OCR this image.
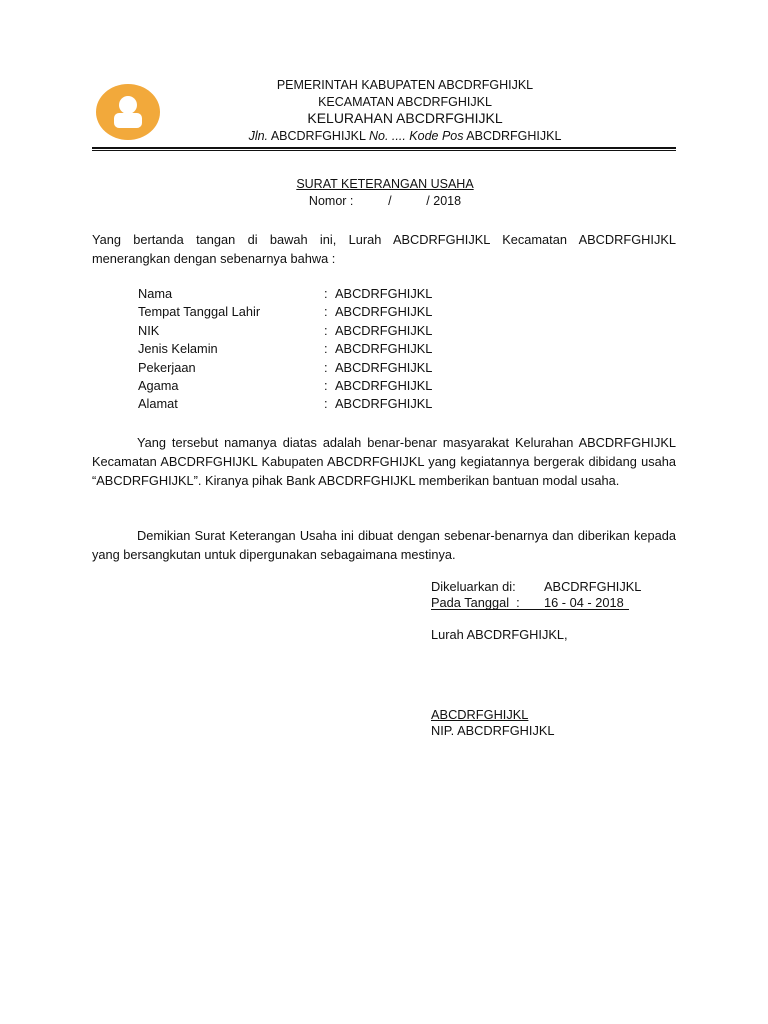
PEMERINTAH KABUPATEN ABCDRFGHIJKL
KECAMATAN ABCDRFGHIJKL
KELURAHAN ABCDRFGHIJKL
Jln. ABCDRFGHIJKL No. .... Kode Pos ABCDRFGHIJKL
SURAT KETERANGAN USAHA
Nomor :          /          / 2018
Yang bertanda tangan di bawah ini, Lurah ABCDRFGHIJKL Kecamatan ABCDRFGHIJKL menerangkan dengan sebenarnya bahwa :
Nama	: ABCDRFGHIJKL
Tempat Tanggal Lahir	: ABCDRFGHIJKL
NIK	: ABCDRFGHIJKL
Jenis Kelamin	: ABCDRFGHIJKL
Pekerjaan	: ABCDRFGHIJKL
Agama	: ABCDRFGHIJKL
Alamat	: ABCDRFGHIJKL
Yang tersebut namanya diatas adalah benar-benar masyarakat Kelurahan ABCDRFGHIJKL Kecamatan ABCDRFGHIJKL Kabupaten ABCDRFGHIJKL yang kegiatannya bergerak dibidang usaha “ABCDRFGHIJKL”. Kiranya pihak Bank ABCDRFGHIJKL memberikan bantuan modal usaha.
Demikian Surat Keterangan Usaha ini dibuat dengan sebenar-benarnya dan diberikan kepada yang bersangkutan untuk dipergunakan sebagaimana mestinya.
Dikeluarkan di: ABCDRFGHIJKL
Pada Tanggal  : 16 - 04 - 2018
Lurah ABCDRFGHIJKL,
ABCDRFGHIJKL
NIP. ABCDRFGHIJKL
